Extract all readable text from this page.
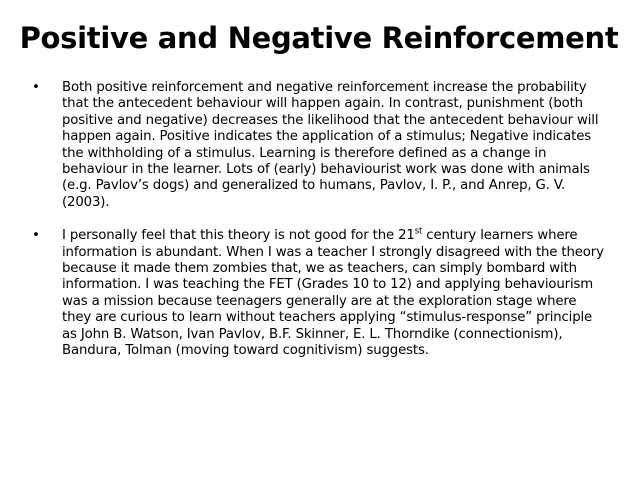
Positive and Negative Reinforcement
•	Both positive reinforcement and negative reinforcement increase the probability that the antecedent behaviour will happen again. In contrast, punishment (both positive and negative) decreases the likelihood that the antecedent behaviour will happen again. Positive indicates the application of a stimulus; Negative indicates the withholding of a stimulus. Learning is therefore defined as a change in behaviour in the learner. Lots of (early) behaviourist work was done with animals (e.g. Pavlov’s dogs) and generalized to humans, Pavlov, I. P., and Anrep, G. V. (2003).
•	I personally feel that this theory is not good for the 21st century learners where information is abundant. When I was a teacher I strongly disagreed with the theory because it made them zombies that, we as teachers, can simply bombard with information. I was teaching the FET (Grades 10 to 12) and applying behaviourism was a mission because teenagers generally are at the exploration stage where they are curious to learn without teachers applying “stimulus-response” principle as John B. Watson, Ivan Pavlov, B.F. Skinner, E. L. Thorndike (connectionism), Bandura, Tolman (moving toward cognitivism) suggests.
